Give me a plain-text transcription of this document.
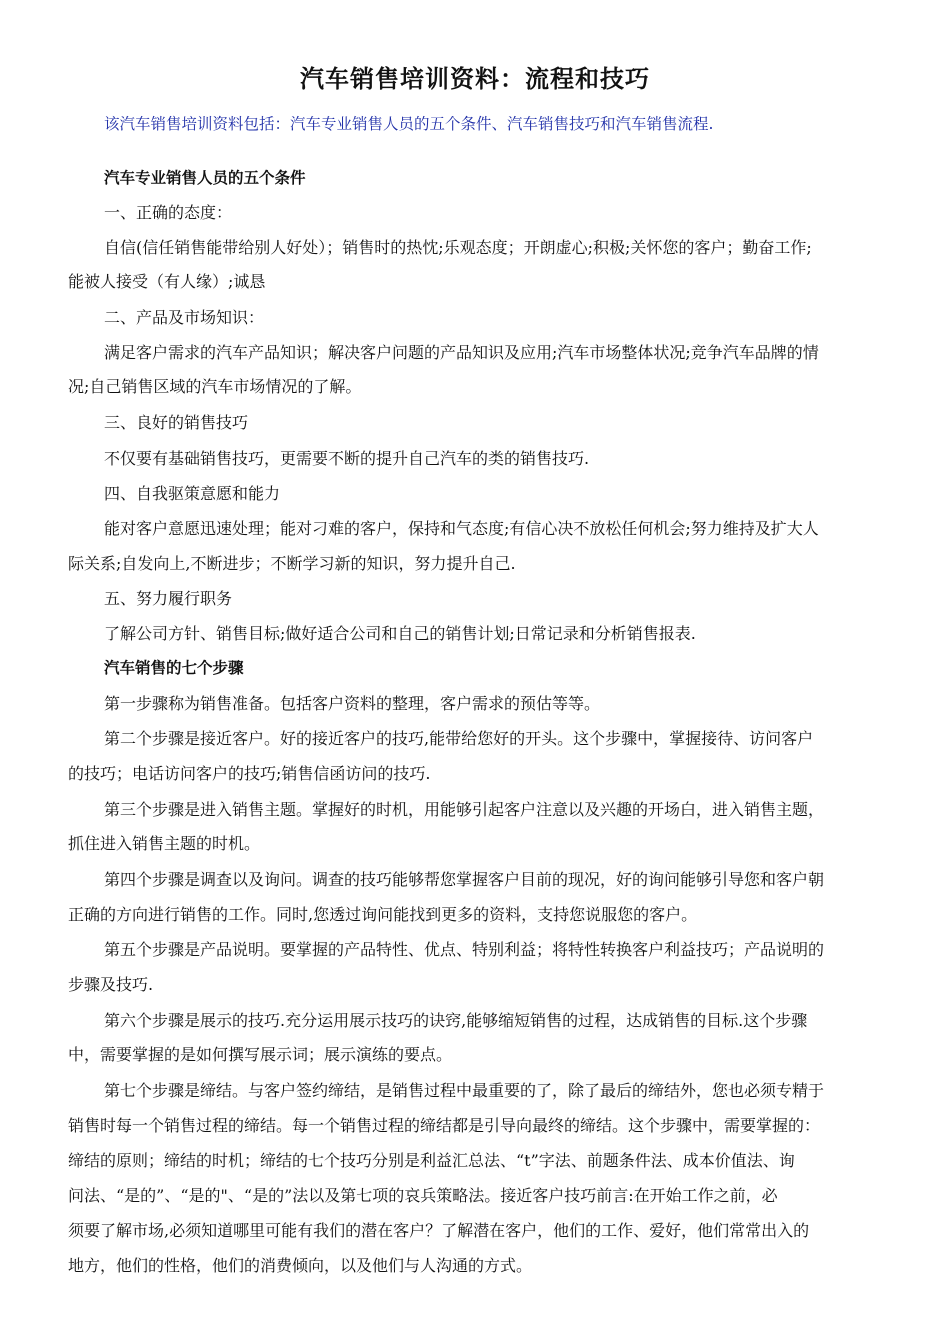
汽车销售培训资料：流程和技巧
该汽车销售培训资料包括：汽车专业销售人员的五个条件、汽车销售技巧和汽车销售流程.
汽车专业销售人员的五个条件
一、正确的态度：
自信(信任销售能带给别人好处）；销售时的热忱;乐观态度；开朗虚心;积极;关怀您的客户；勤奋工作;
能被人接受（有人缘）;诚恳
二、产品及市场知识：
满足客户需求的汽车产品知识；解决客户问题的产品知识及应用;汽车市场整体状况;竞争汽车品牌的情
况;自己销售区域的汽车市场情况的了解。
三、良好的销售技巧
不仅要有基础销售技巧，更需要不断的提升自己汽车的类的销售技巧.
四、自我驱策意愿和能力
能对客户意愿迅速处理；能对刁难的客户，保持和气态度;有信心决不放松任何机会;努力维持及扩大人
际关系;自发向上,不断进步；不断学习新的知识，努力提升自己.
五、努力履行职务
了解公司方针、销售目标;做好适合公司和自己的销售计划;日常记录和分析销售报表.
汽车销售的七个步骤
第一步骤称为销售准备。包括客户资料的整理，客户需求的预估等等。
第二个步骤是接近客户。好的接近客户的技巧,能带给您好的开头。这个步骤中，掌握接待、访问客户
的技巧；电话访问客户的技巧;销售信函访问的技巧.
第三个步骤是进入销售主题。掌握好的时机，用能够引起客户注意以及兴趣的开场白，进入销售主题，
抓住进入销售主题的时机。
第四个步骤是调查以及询问。调查的技巧能够帮您掌握客户目前的现况，好的询问能够引导您和客户朝
正确的方向进行销售的工作。同时,您透过询问能找到更多的资料，支持您说服您的客户。
第五个步骤是产品说明。要掌握的产品特性、优点、特别利益；将特性转换客户利益技巧；产品说明的
步骤及技巧.
第六个步骤是展示的技巧.充分运用展示技巧的诀窍,能够缩短销售的过程，达成销售的目标.这个步骤
中，需要掌握的是如何撰写展示词；展示演练的要点。
第七个步骤是缔结。与客户签约缔结，是销售过程中最重要的了，除了最后的缔结外，您也必须专精于
销售时每一个销售过程的缔结。每一个销售过程的缔结都是引导向最终的缔结。这个步骤中，需要掌握的：
缔结的原则；缔结的时机；缔结的七个技巧分别是利益汇总法、“t”字法、前题条件法、成本价值法、询
问法、“是的”、“是的"、“是的”法以及第七项的哀兵策略法。接近客户技巧前言:在开始工作之前，必
须要了解市场,必须知道哪里可能有我们的潜在客户？了解潜在客户，他们的工作、爱好，他们常常出入的
地方，他们的性格，他们的消费倾向，以及他们与人沟通的方式。
